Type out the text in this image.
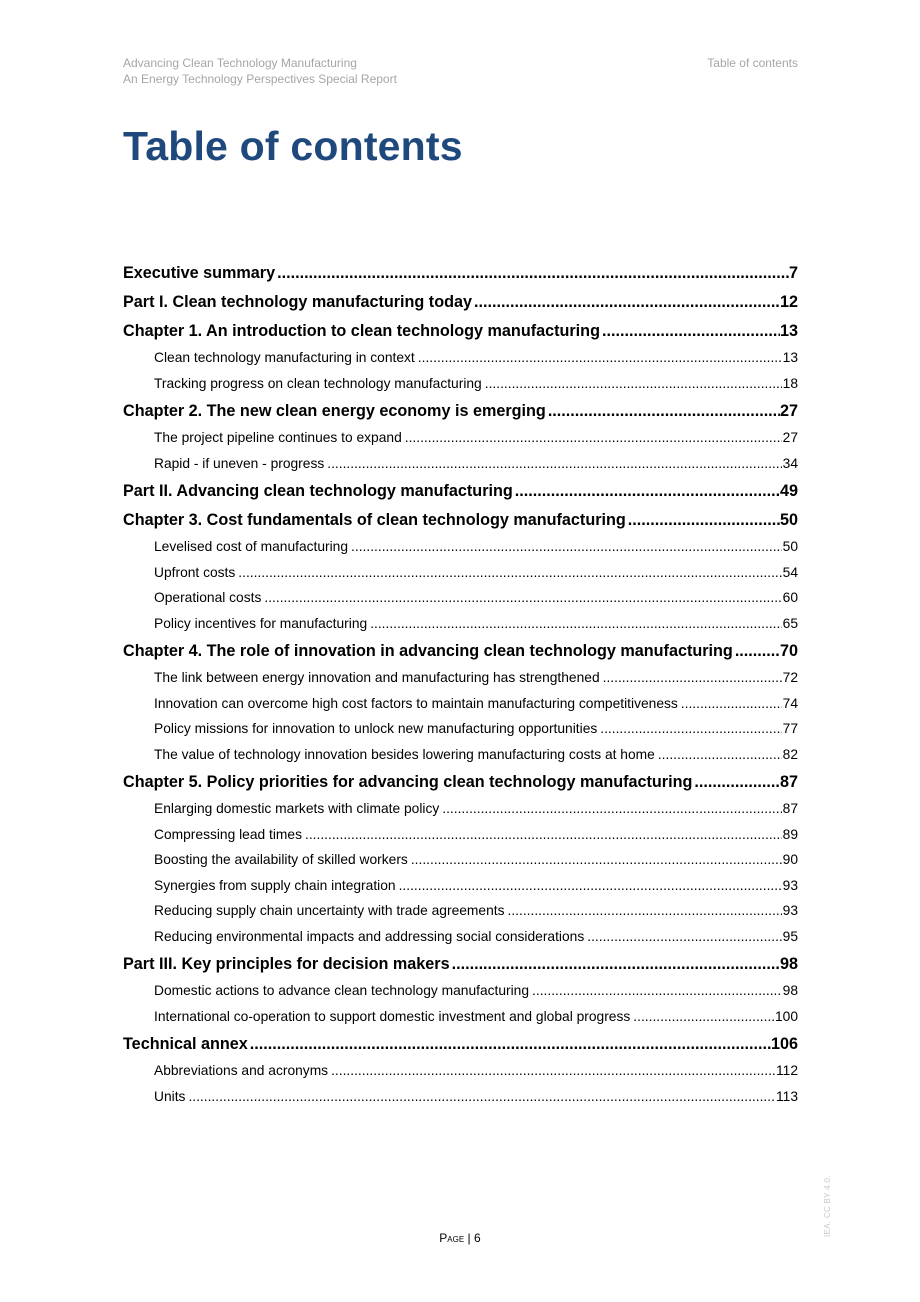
Advancing Clean Technology Manufacturing
An Energy Technology Perspectives Special Report
Table of contents
Table of contents
Executive summary .....	7
Part I. Clean technology manufacturing today .....	12
Chapter 1. An introduction to clean technology manufacturing .....	13
Clean technology manufacturing in context .....	13
Tracking progress on clean technology manufacturing .....	18
Chapter 2. The new clean energy economy is emerging .....	27
The project pipeline continues to expand .....	27
Rapid - if uneven - progress .....	34
Part II. Advancing clean technology manufacturing .....	49
Chapter 3. Cost fundamentals of clean technology manufacturing .....	50
Levelised cost of manufacturing .....	50
Upfront costs .....	54
Operational costs .....	60
Policy incentives for manufacturing .....	65
Chapter 4. The role of innovation in advancing clean technology manufacturing .....	70
The link between energy innovation and manufacturing has strengthened .....	72
Innovation can overcome high cost factors to maintain manufacturing competitiveness .....	74
Policy missions for innovation to unlock new manufacturing opportunities .....	77
The value of technology innovation besides lowering manufacturing costs at home .....	82
Chapter 5. Policy priorities for advancing clean technology manufacturing .....	87
Enlarging domestic markets with climate policy .....	87
Compressing lead times .....	89
Boosting the availability of skilled workers .....	90
Synergies from supply chain integration .....	93
Reducing supply chain uncertainty with trade agreements .....	93
Reducing environmental impacts and addressing social considerations .....	95
Part III. Key principles for decision makers .....	98
Domestic actions to advance clean technology manufacturing .....	98
International co-operation to support domestic investment and global progress .....	100
Technical annex .....	106
Abbreviations and acronyms .....	112
Units .....	113
IEA. CC BY 4.0.
Page | 6
